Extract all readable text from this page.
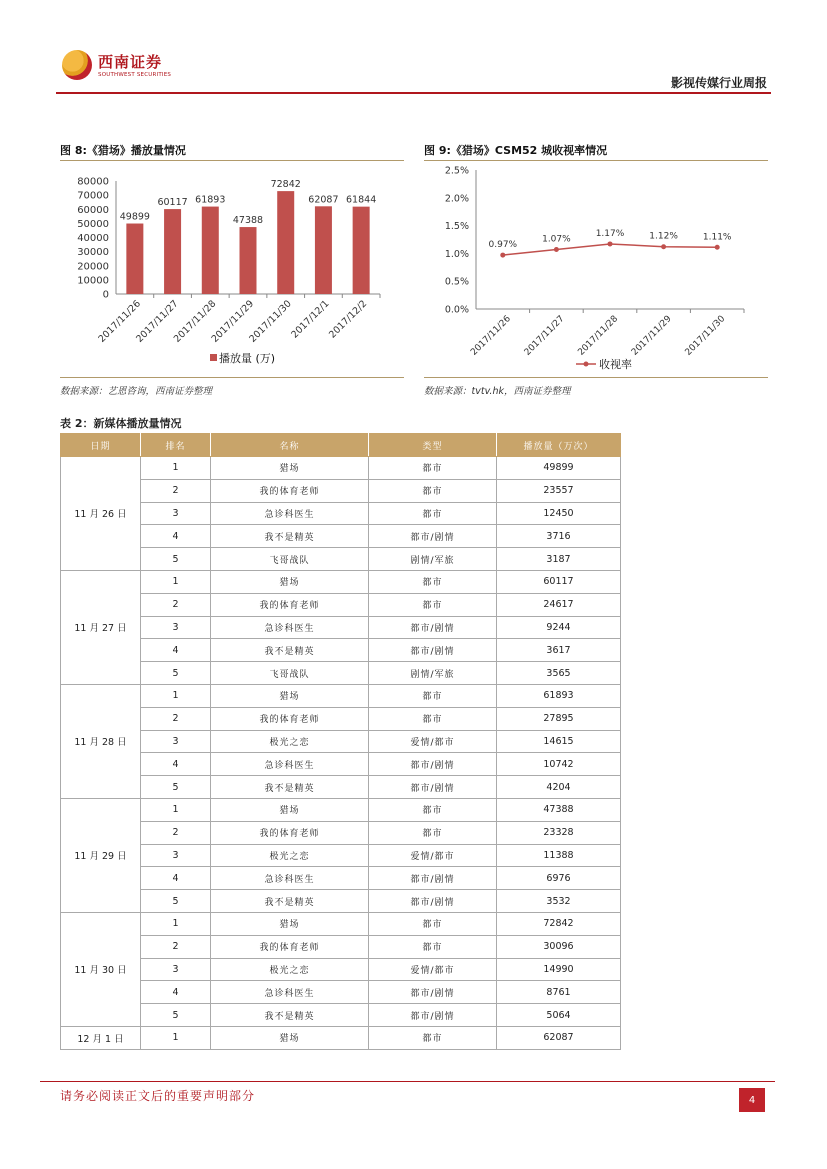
西南证券
SOUTHWEST SECURITIES
影视传媒行业周报
图 8:《猎场》播放量情况
80000
70000
60000
50000
40000
30000
20000
10000
0
49899
2017/11/26
60117
2017/11/27
61893
2017/11/28
47388
2017/11/29
72842
2017/11/30
62087
2017/12/1
61844
2017/12/2
播放量 (万)
数据来源：艺恩咨询，西南证券整理
图 9:《猎场》CSM52 城收视率情况
2.5%
2.0%
1.5%
1.0%
0.5%
0.0%
0.97%
2017/11/26
1.07%
2017/11/27
1.17%
2017/11/28
1.12%
2017/11/29
1.11%
2017/11/30
收视率
数据来源：tvtv.hk，西南证券整理
表 2：新媒体播放量情况
日期	排名	名称	类型	播放量（万次）
11 月 26 日	1	猎场	都市	49899
	2	我的体育老师	都市	23557
	3	急诊科医生	都市	12450
	4	我不是精英	都市/剧情	3716
	5	飞哥战队	剧情/军旅	3187
11 月 27 日	1	猎场	都市	60117
	2	我的体育老师	都市	24617
	3	急诊科医生	都市/剧情	9244
	4	我不是精英	都市/剧情	3617
	5	飞哥战队	剧情/军旅	3565
11 月 28 日	1	猎场	都市	61893
	2	我的体育老师	都市	27895
	3	极光之恋	爱情/都市	14615
	4	急诊科医生	都市/剧情	10742
	5	我不是精英	都市/剧情	4204
11 月 29 日	1	猎场	都市	47388
	2	我的体育老师	都市	23328
	3	极光之恋	爱情/都市	11388
	4	急诊科医生	都市/剧情	6976
	5	我不是精英	都市/剧情	3532
11 月 30 日	1	猎场	都市	72842
	2	我的体育老师	都市	30096
	3	极光之恋	爱情/都市	14990
	4	急诊科医生	都市/剧情	8761
	5	我不是精英	都市/剧情	5064
12 月 1 日	1	猎场	都市	62087
请务必阅读正文后的重要声明部分	4
